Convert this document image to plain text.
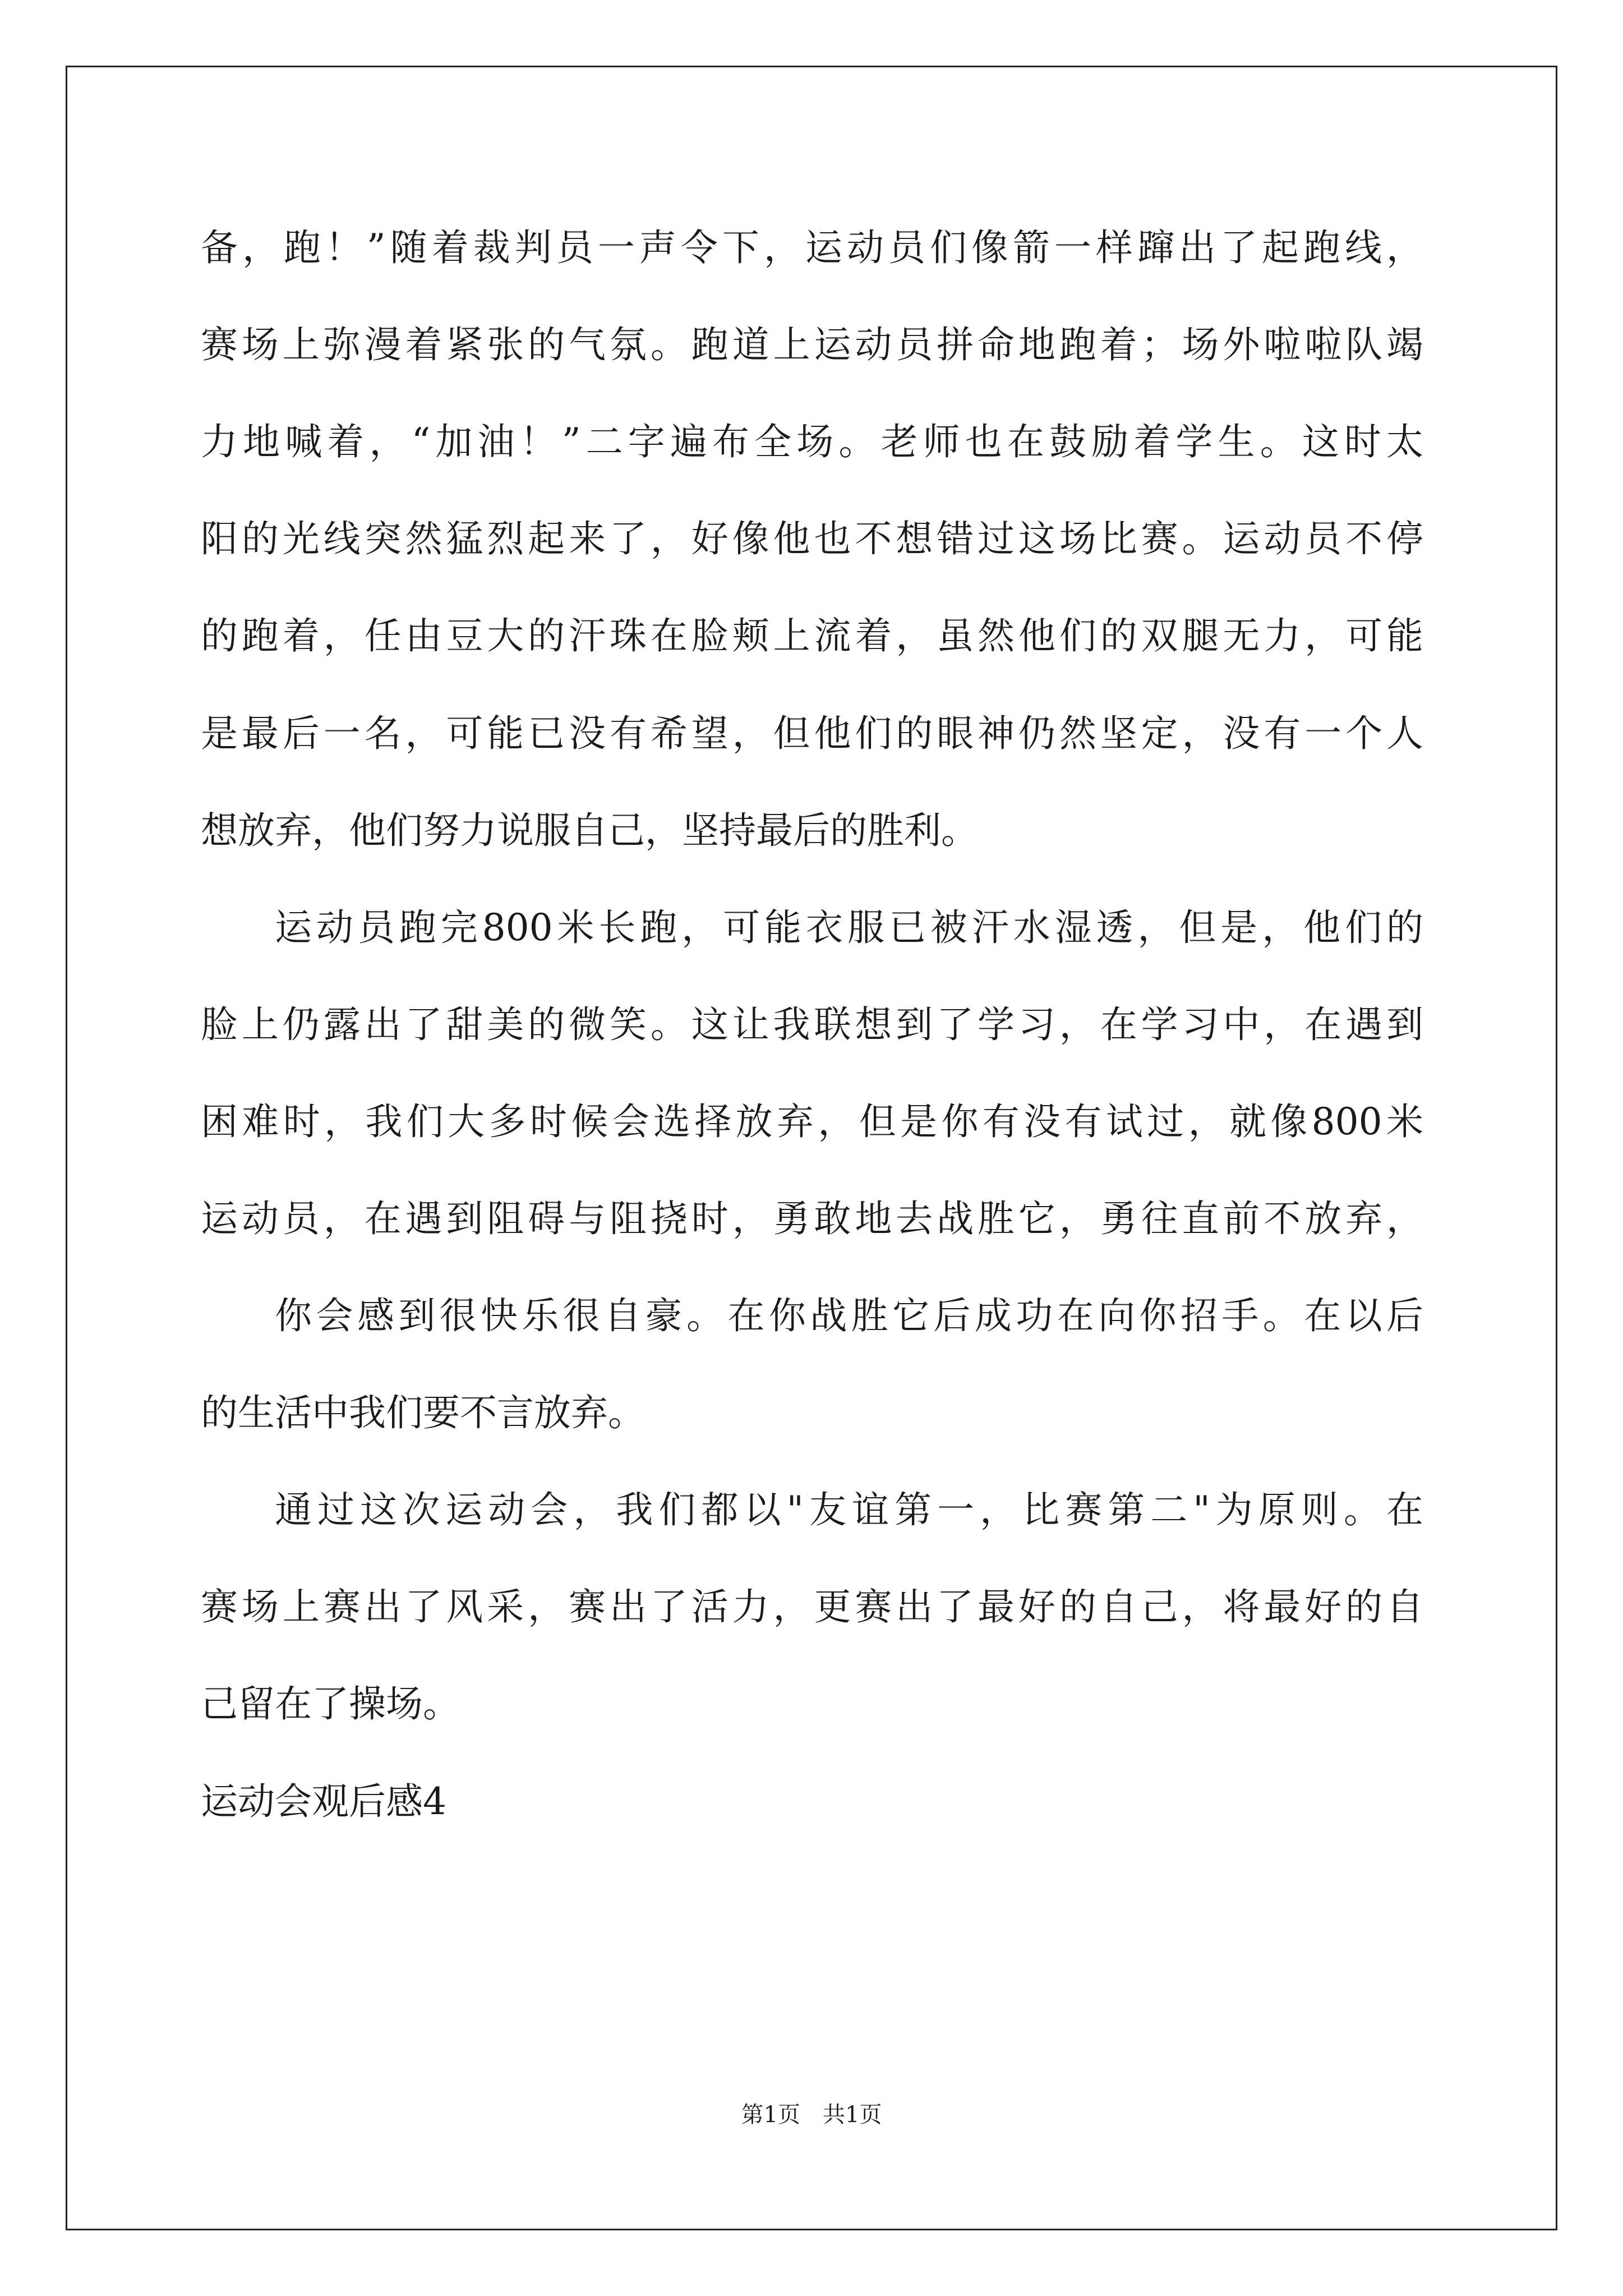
备，跑！”随着裁判员一声令下，运动员们像箭一样蹿出了起跑线，
赛场上弥漫着紧张的气氛。跑道上运动员拼命地跑着；场外啦啦队竭
力地喊着，“加油！”二字遍布全场。老师也在鼓励着学生。这时太
阳的光线突然猛烈起来了，好像他也不想错过这场比赛。运动员不停
的跑着，任由豆大的汗珠在脸颊上流着，虽然他们的双腿无力，可能
是最后一名，可能已没有希望，但他们的眼神仍然坚定，没有一个人
想放弃，他们努力说服自己，坚持最后的胜利。
运动员跑完800米长跑，可能衣服已被汗水湿透，但是，他们的
脸上仍露出了甜美的微笑。这让我联想到了学习，在学习中，在遇到
困难时，我们大多时候会选择放弃，但是你有没有试过，就像800米
运动员，在遇到阻碍与阻挠时，勇敢地去战胜它，勇往直前不放弃，
你会感到很快乐很自豪。在你战胜它后成功在向你招手。在以后
的生活中我们要不言放弃。
通过这次运动会，我们都以"友谊第一，比赛第二"为原则。在
赛场上赛出了风采，赛出了活力，更赛出了最好的自己，将最好的自
己留在了操场。
运动会观后感4
第1页　共1页
